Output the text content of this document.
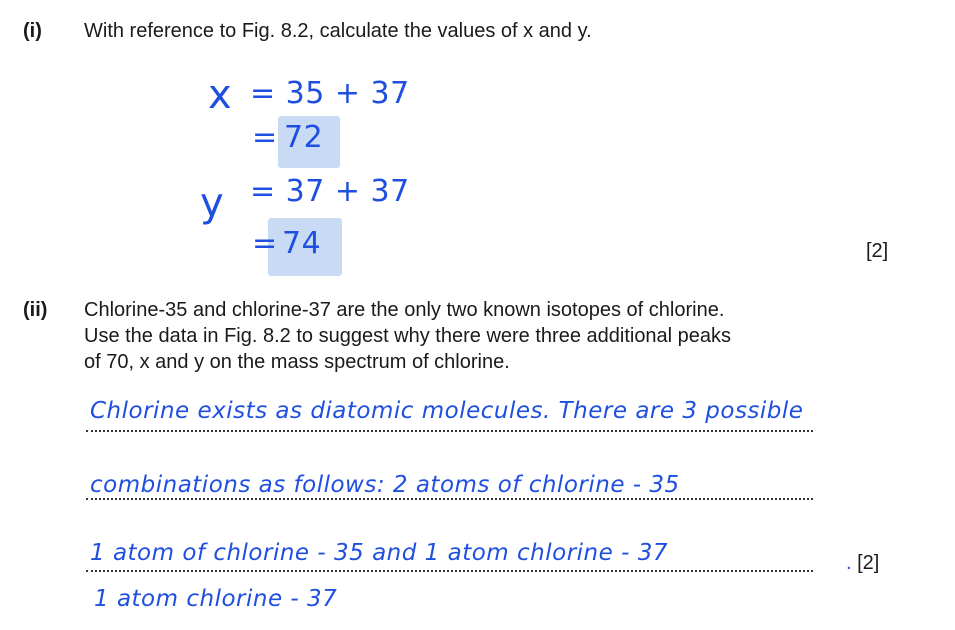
(i) With reference to Fig. 8.2, calculate the values of x and y.
x = 35 + 37
= 72
y = 37 + 37
= 74	[2]
(ii) Chlorine-35 and chlorine-37 are the only two known isotopes of chlorine.
Use the data in Fig. 8.2 to suggest why there were three additional peaks
of 70, x and y on the mass spectrum of chlorine.
Chlorine exists as diatomic molecules. There are 3 possible
combinations as follows: 2 atoms of chlorine - 35
1 atom of chlorine - 35 and 1 atom chlorine - 37
1 atom chlorine - 37
. [2]
